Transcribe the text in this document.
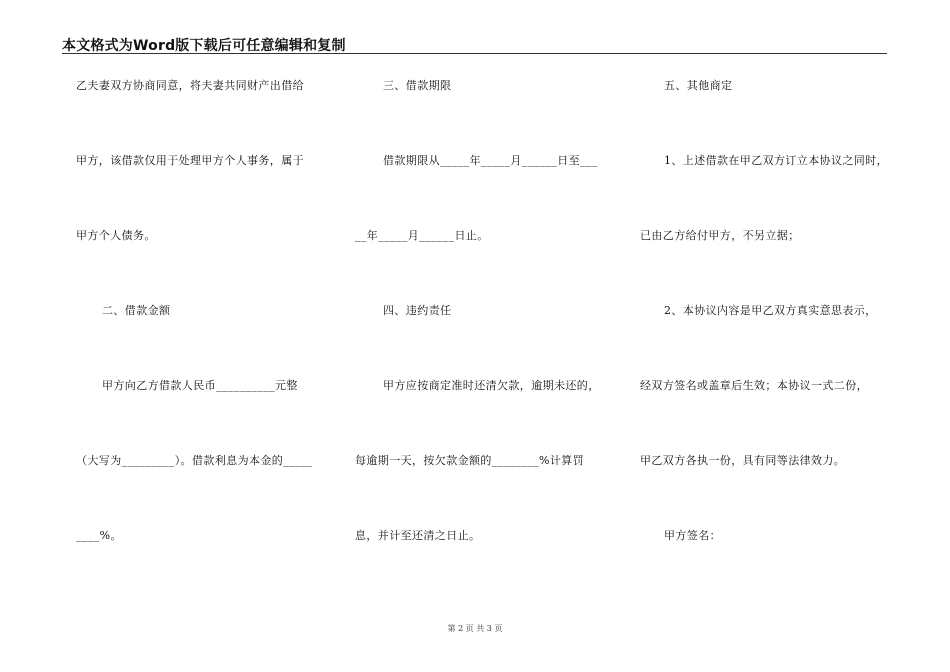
本文格式为Word版下载后可任意编辑和复制
乙夫妻双方协商同意，将夫妻共同财产出借给
甲方，该借款仅用于处理甲方个人事务，属于
甲方个人债务。
二、借款金额
甲方向乙方借款人民币__________元整
（大写为_________）。借款利息为本金的_____
____%。
三、借款期限
借款期限从_____年_____月______日至___
__年_____月______日止。
四、违约责任
甲方应按商定准时还清欠款，逾期未还的，
每逾期一天，按欠款金额的________%计算罚
息，并计至还清之日止。
五、其他商定
1、上述借款在甲乙双方订立本协议之同时，
已由乙方给付甲方，不另立据；
2、本协议内容是甲乙双方真实意思表示，
经双方签名或盖章后生效；本协议一式二份，
甲乙双方各执一份，具有同等法律效力。
甲方签名：
第 2 页 共 3 页
